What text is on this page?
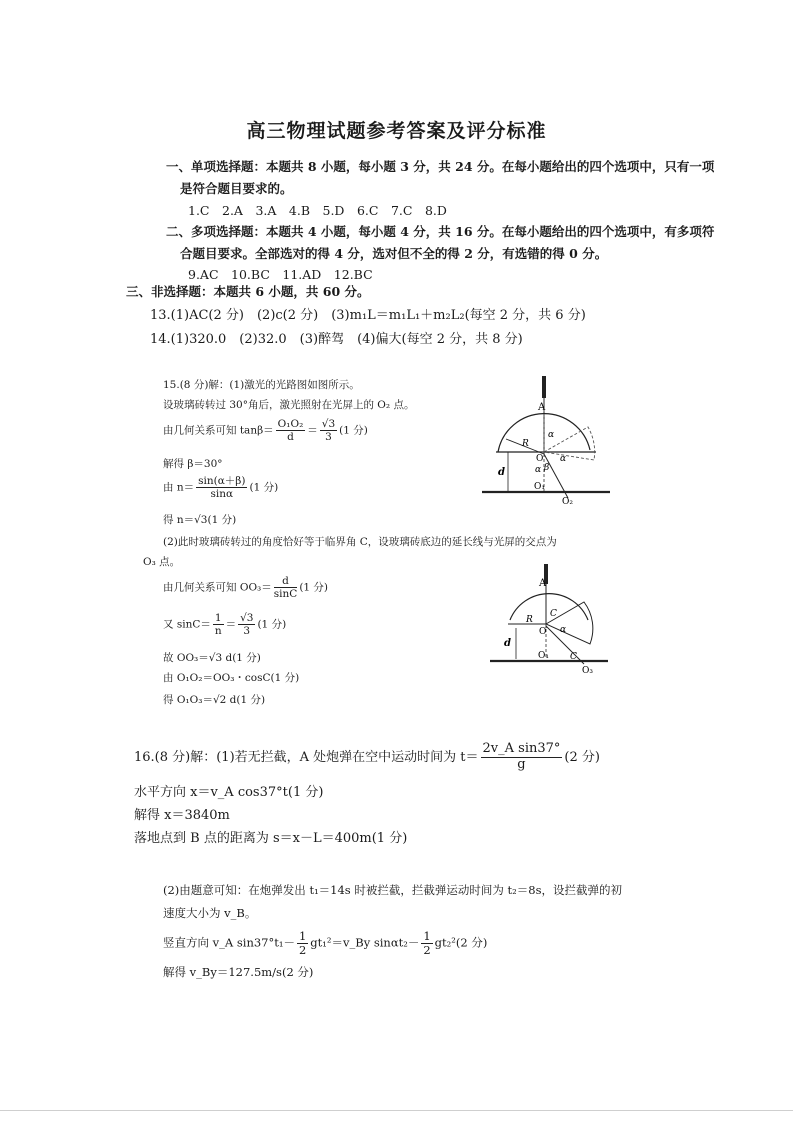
高三物理试题参考答案及评分标准
一、单项选择题：本题共 8 小题，每小题 3 分，共 24 分。在每小题给出的四个选项中，只有一项
是符合题目要求的。
1.C　2.A　3.A　4.B　5.D　6.C　7.C　8.D
二、多项选择题：本题共 4 小题，每小题 4 分，共 16 分。在每小题给出的四个选项中，有多项符
合题目要求。全部选对的得 4 分，选对但不全的得 2 分，有选错的得 0 分。
9.AC　10.BC　11.AD　12.BC
三、非选择题：本题共 6 小题，共 60 分。
13.(1)AC(2 分)　(2)c(2 分)　(3)m₁L＝m₁L₁＋m₂L₂(每空 2 分，共 6 分)
14.(1)320.0　(2)32.0　(3)醉驾　(4)偏大(每空 2 分，共 8 分)
15.(8 分)解：(1)激光的光路图如图所示。
设玻璃砖转过 30°角后，激光照射在光屏上的 O₂ 点。
由几何关系可知 $\tan\beta= \frac{\text{O₁O₂}}{d} = \frac{√3}{3} (1$ 分)
解得 β＝30°
由 $n= \frac{\sin(\alpha+\beta)}{\sin\alpha} (1$ 分)
得 n＝√3(1 分)
(2)此时玻璃砖转过的角度恰好等于临界角 C，设玻璃砖底边的延长线与光屏的交点为
O₃ 点。
由几何关系可知 $OO_3= \frac{d}{\sin C} (1$ 分)
又 $\sin C= \frac{1}{n} = \frac{√3}{3} (1$ 分)
故 OO₃＝√3 d(1 分)
由 O₁O₂＝OO₃・cosC(1 分)
得 O₁O₃＝√2 d(1 分)
A
α
R
O α
α β
d
O₁
O₂
A
C
R
O α
d
O₁ C
O₃
16.(8 分)解：(1)若无拦截，A 处炮弹在空中运动时间为 $t= \frac{\text{2v\_A sin37°}}{g} (2$ 分)
水平方向 x＝v_A cos37°t(1 分)
解得 x＝3840m
落地点到 B 点的距离为 s＝x－L＝400m(1 分)
(2)由题意可知：在炮弹发出 t₁＝14s 时被拦截，拦截弹运动时间为 t₂＝8s，设拦截弹的初
速度大小为 v_B。
竖直方向 v_A $\sin 37^\circ t_1- \frac{1}{2}$ gt₁²＝v_By $\sin\alpha t_2- \frac{1}{2} gt_2^2(2$ 分)
解得 v_By＝127.5m/s(2 分)
